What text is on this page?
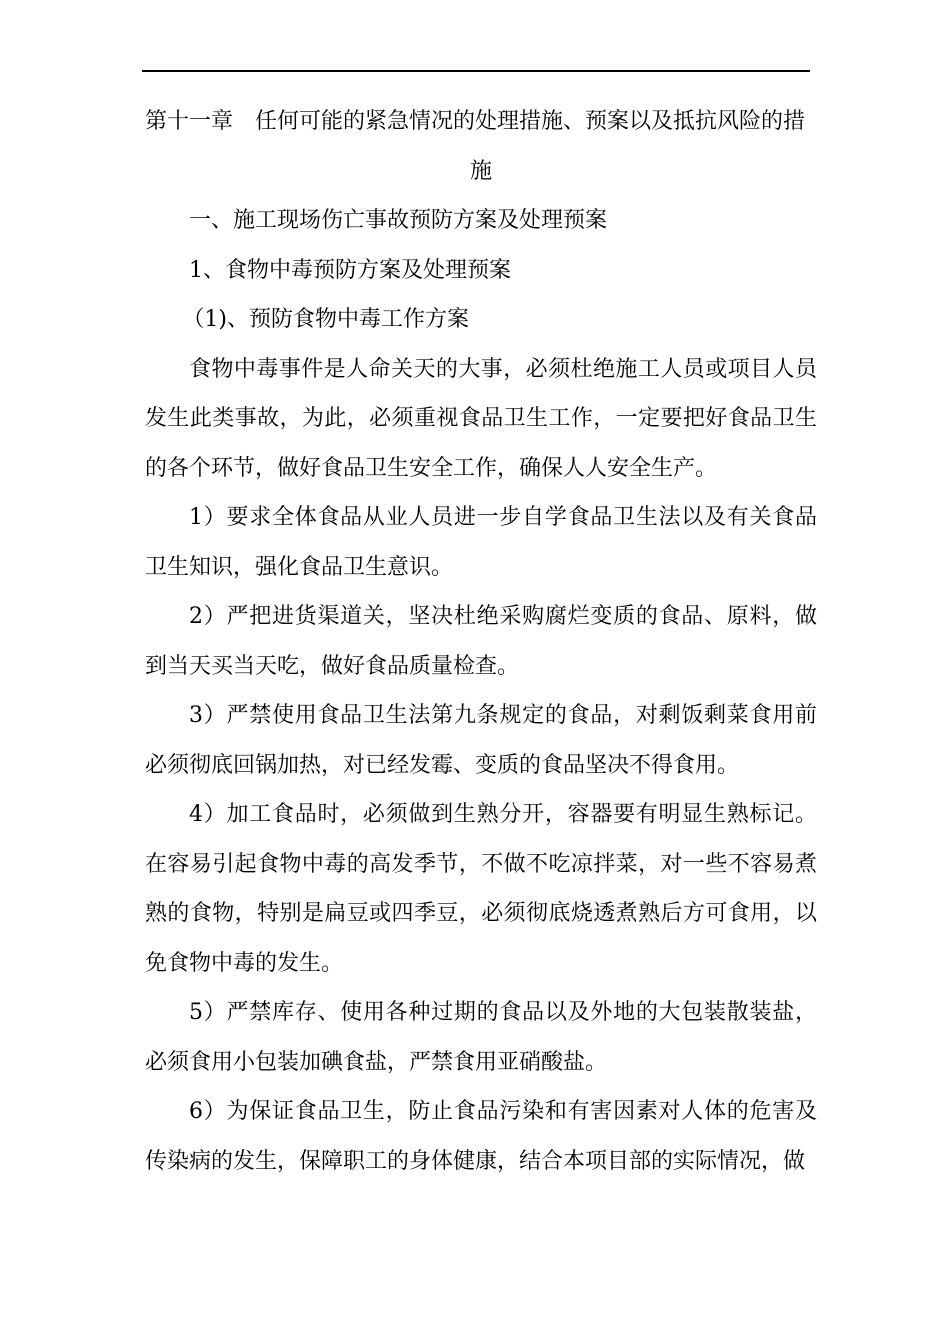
第十一章　任何可能的紧急情况的处理措施、预案以及抵抗风险的措

施

一、施工现场伤亡事故预防方案及处理预案

1、食物中毒预防方案及处理预案

（1)、预防食物中毒工作方案

食物中毒事件是人命关天的大事，必须杜绝施工人员或项目人员发生此类事故，为此，必须重视食品卫生工作，一定要把好食品卫生的各个环节，做好食品卫生安全工作，确保人人安全生产。

1）要求全体食品从业人员进一步自学食品卫生法以及有关食品卫生知识，强化食品卫生意识。

2）严把进货渠道关，坚决杜绝采购腐烂变质的食品、原料，做到当天买当天吃，做好食品质量检查。

3）严禁使用食品卫生法第九条规定的食品，对剩饭剩菜食用前必须彻底回锅加热，对已经发霉、变质的食品坚决不得食用。

4）加工食品时，必须做到生熟分开，容器要有明显生熟标记。在容易引起食物中毒的高发季节，不做不吃凉拌菜，对一些不容易煮熟的食物，特别是扁豆或四季豆，必须彻底烧透煮熟后方可食用，以免食物中毒的发生。

5）严禁库存、使用各种过期的食品以及外地的大包装散装盐，必须食用小包装加碘食盐，严禁食用亚硝酸盐。

6）为保证食品卫生，防止食品污染和有害因素对人体的危害及传染病的发生，保障职工的身体健康，结合本项目部的实际情况，做
